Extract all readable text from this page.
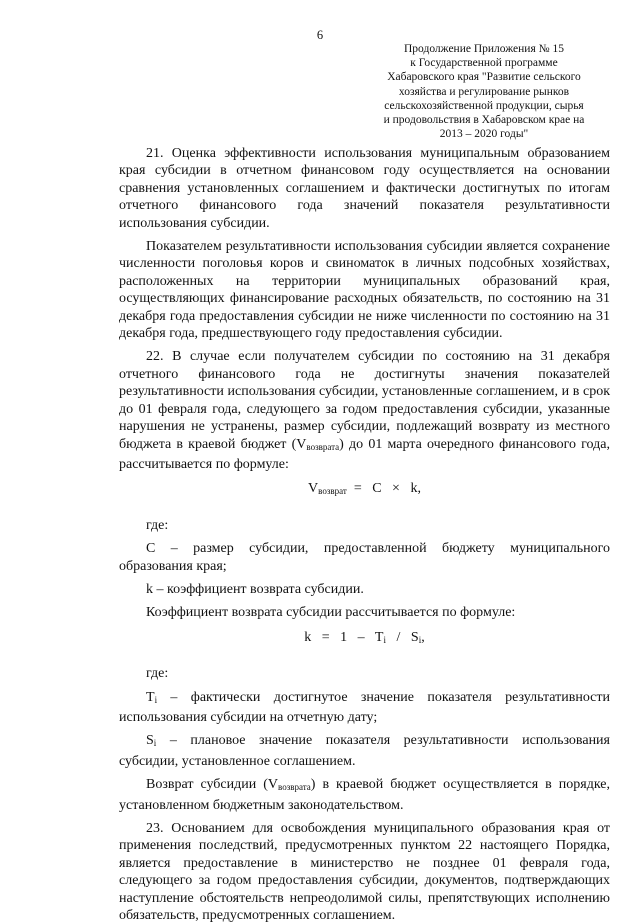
6
Продолжение Приложения № 15
к Государственной программе
Хабаровского края "Развитие сельского
хозяйства и регулирование рынков
сельскохозяйственной продукции, сырья
и продовольствия в Хабаровском крае на
2013 – 2020 годы"

21. Оценка эффективности использования муниципальным образованием края субсидии в отчетном финансовом году осуществляется на основании сравнения установленных соглашением и фактически достигнутых по итогам отчетного финансового года значений показателя результативности использования субсидии.

Показателем результативности использования субсидии является сохранение численности поголовья коров и свиноматок в личных подсобных хозяйствах, расположенных на территории муниципальных образований края, осуществляющих финансирование расходных обязательств, по состоянию на 31 декабря года предоставления субсидии не ниже численности по состоянию на 31 декабря года, предшествующего году предоставления субсидии.

22. В случае если получателем субсидии по состоянию на 31 декабря отчетного финансового года не достигнуты значения показателей результативности использования субсидии, установленные соглашением, и в срок до 01 февраля года, следующего за годом предоставления субсидии, указанные нарушения не устранены, размер субсидии, подлежащий возврату из местного бюджета в краевой бюджет $(V_{возврата})$ до 01 марта очередного финансового года, рассчитывается по формуле:

$V_{возврат} = C \times k$,

где:

C – размер субсидии, предоставленной бюджету муниципального образования края;

k – коэффициент возврата субсидии.

Коэффициент возврата субсидии рассчитывается по формуле:

$k = 1 - T_i / S_i$,

где:

$T_i$ – фактически достигнутое значение показателя результативности использования субсидии на отчетную дату;

$S_i$ – плановое значение показателя результативности использования субсидии, установленное соглашением.

Возврат субсидии $(V_{возврата})$ в краевой бюджет осуществляется в порядке, установленном бюджетным законодательством.

23. Основанием для освобождения муниципального образования края от применения последствий, предусмотренных пунктом 22 настоящего Порядка, является предоставление в министерство не позднее 01 февраля года, следующего за годом предоставления субсидии, документов, подтверждающих наступление обстоятельств непреодолимой силы, препятствующих исполнению обязательств, предусмотренных соглашением.
